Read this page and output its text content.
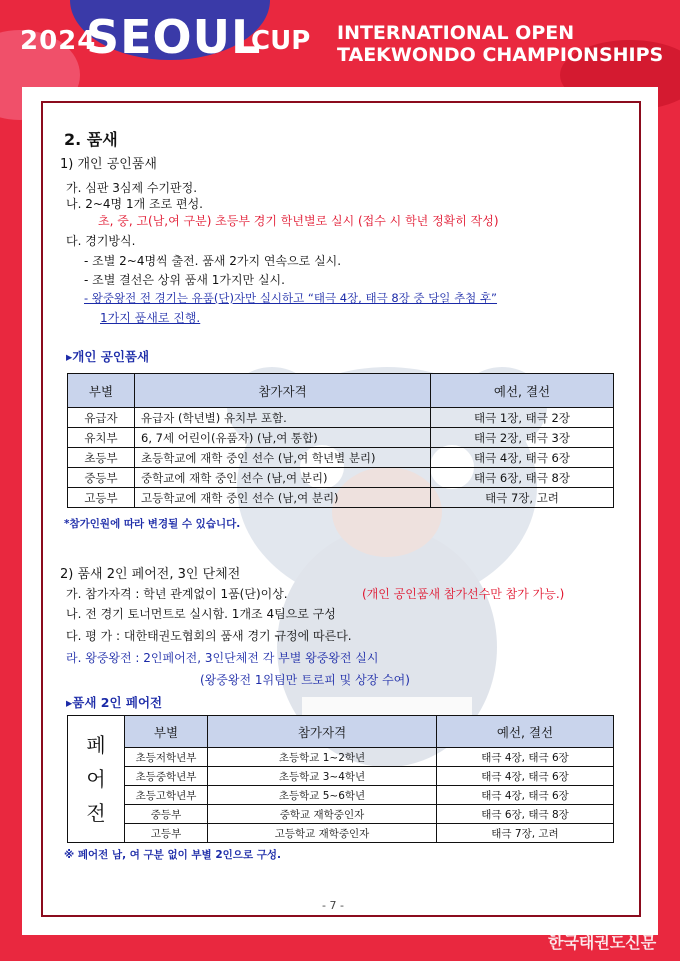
2024
SEOUL
CUP INTERNATIONAL OPEN
TAEKWONDO CHAMPIONSHIPS
2. 품새
1) 개인 공인품새
가. 심판 3심제 수기판정.
나. 2~4명 1개 조로 편성.
초, 중, 고(남,여 구분) 초등부 경기 학년별로 실시 (접수 시 학년 정확히 작성)
다. 경기방식.
- 조별 2~4명씩 출전. 품새 2가지 연속으로 실시.
- 조별 결선은 상위 품새 1가지만 실시.
- 왕중왕전 전 경기는 유품(단)자만 실시하고 “태극 4장, 태극 8장 중 당일 추첨 후”
1가지 품새로 진행.
▸개인 공인품새
부별	참가자격	예선, 결선
유급자	유급자 (학년별) 유치부 포함.	태극 1장, 태극 2장
유치부	6, 7세 어린이(유품자) (남,여 통합)	태극 2장, 태극 3장
초등부	초등학교에 재학 중인 선수 (남,여 학년별 분리)	태극 4장, 태극 6장
중등부	중학교에 재학 중인 선수 (남,여 분리)	태극 6장, 태극 8장
고등부	고등학교에 재학 중인 선수 (남,여 분리)	태극 7장, 고려
*참가인원에 따라 변경될 수 있습니다.
2) 품새 2인 페어전, 3인 단체전
가. 참가자격 : 학년 관계없이 1품(단)이상.	(개인 공인품새 참가선수만 참가 가능.)
나. 전 경기 토너먼트로 실시함. 1개조 4팀으로 구성
다. 평 가 : 대한태권도협회의 품새 경기 규정에 따른다.
라. 왕중왕전 : 2인페어전, 3인단체전 각 부별 왕중왕전 실시
(왕중왕전 1위팀만 트로피 및 상장 수여)
▸품새 2인 페어전
페
어
전	부별	참가자격	예선, 결선
	초등저학년부	초등학교 1~2학년	태극 4장, 태극 6장
	초등중학년부	초등학교 3~4학년	태극 4장, 태극 6장
	초등고학년부	초등학교 5~6학년	태극 4장, 태극 6장
	중등부	중학교 재학중인자	태극 6장, 태극 8장
	고등부	고등학교 재학중인자	태극 7장, 고려
※ 페어전 남, 여 구분 없이 부별 2인으로 구성.
- 7 -
한국태권도신문
